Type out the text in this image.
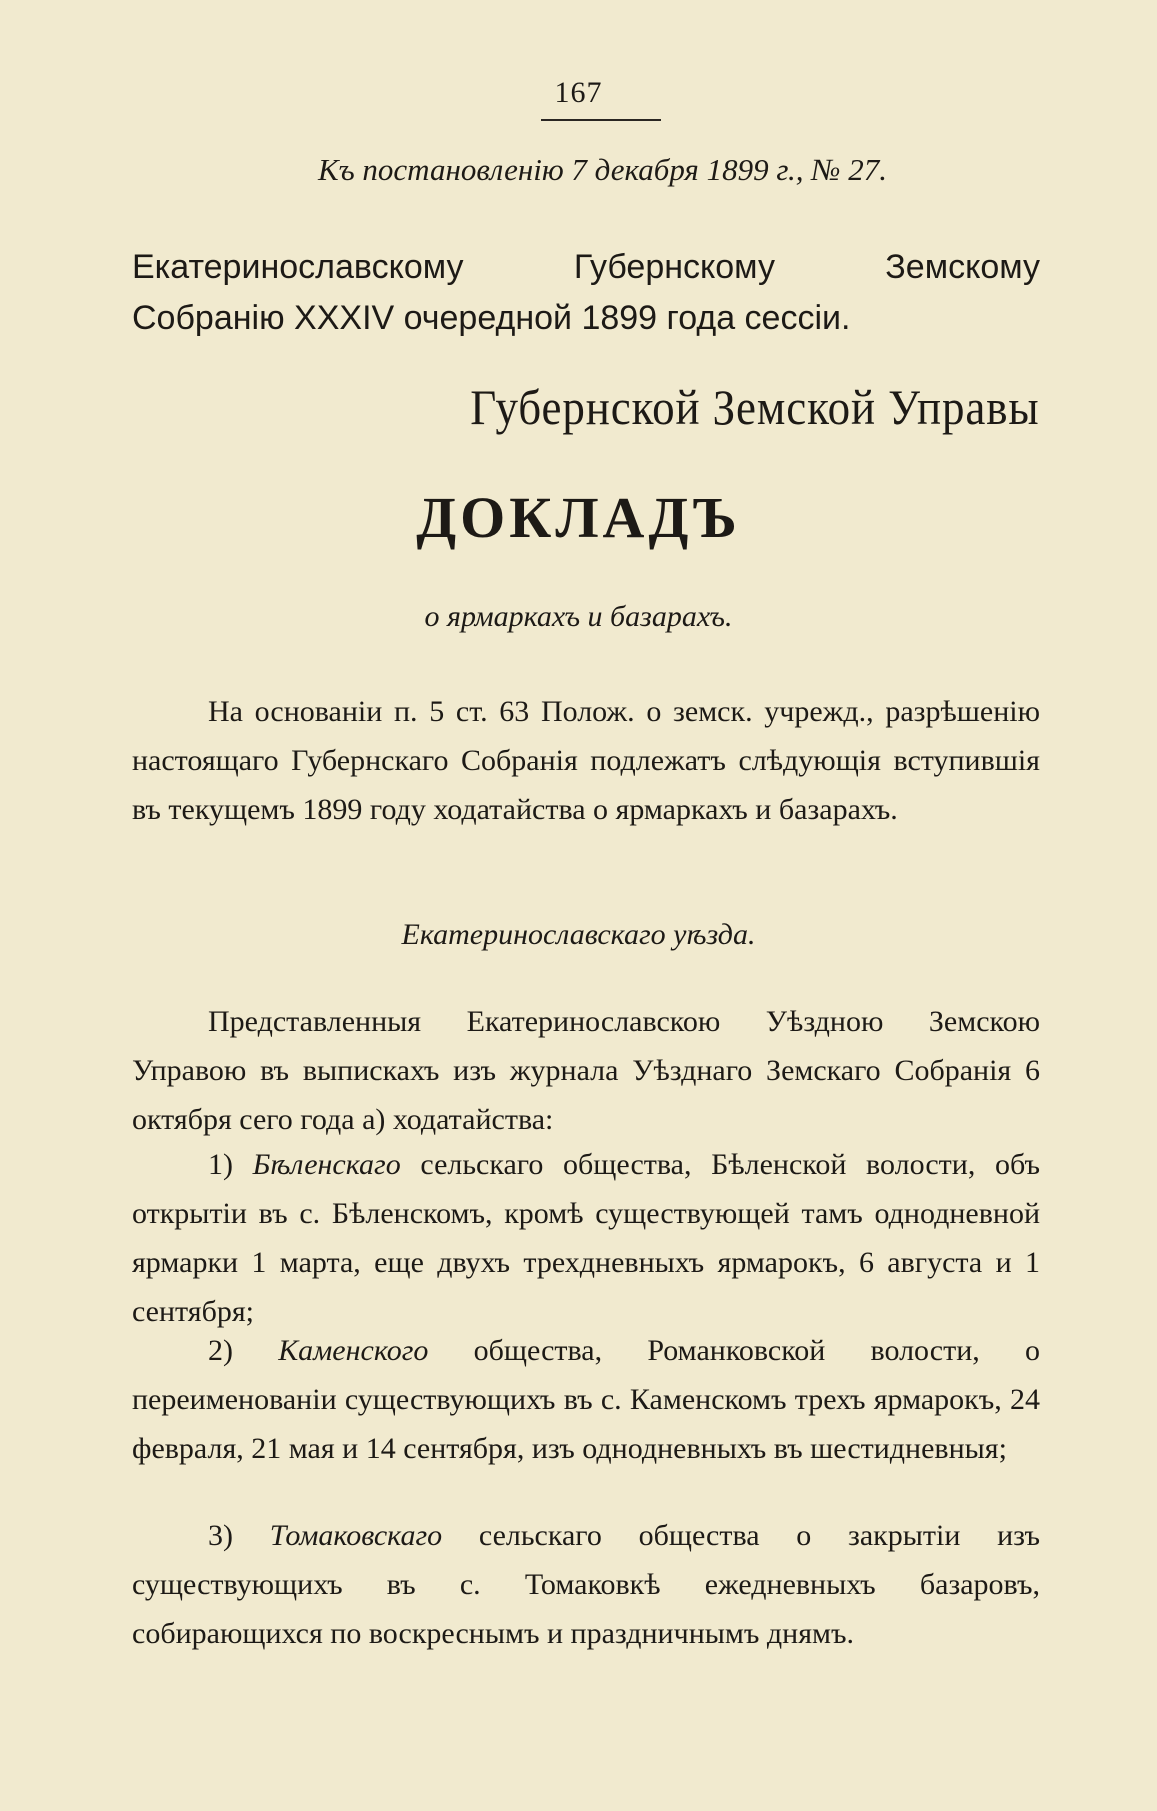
167
Къ постановленію 7 декабря 1899 г., № 27.
Екатеринославскому Губернскому Земскому
Собранію XXXIV очередной 1899 года сессіи.
Губернской Земской Управы
ДОКЛАДЪ
о ярмаркахъ и базарахъ.

На основаніи п. 5 ст. 63 Полож. о земск. учрежд., разрѣшенію настоящаго Губернскаго Собранія подлежатъ слѣдующія вступившія въ текущемъ 1899 году ходатайства о ярмаркахъ и базарахъ.

Екатеринославскаго уѣзда.

Представленныя Екатеринославскою Уѣздною Земскою Управою въ выпискахъ изъ журнала Уѣзднаго Земскаго Собранія 6 октября сего года а) ходатайства:

1) Бѣленскаго сельскаго общества, Бѣленской волости, объ открытіи въ с. Бѣленскомъ, кромѣ существующей тамъ однодневной ярмарки 1 марта, еще двухъ трехдневныхъ ярмарокъ, 6 августа и 1 сентября;

2) Каменского общества, Романковской волости, о переименованіи существующихъ въ с. Каменскомъ трехъ ярмарокъ, 24 февраля, 21 мая и 14 сентября, изъ однодневныхъ въ шестидневныя;

3) Томаковскаго сельскаго общества о закрытіи изъ существующихъ въ с. Томаковкѣ ежедневныхъ базаровъ, собирающихся по воскреснымъ и праздничнымъ днямъ.
